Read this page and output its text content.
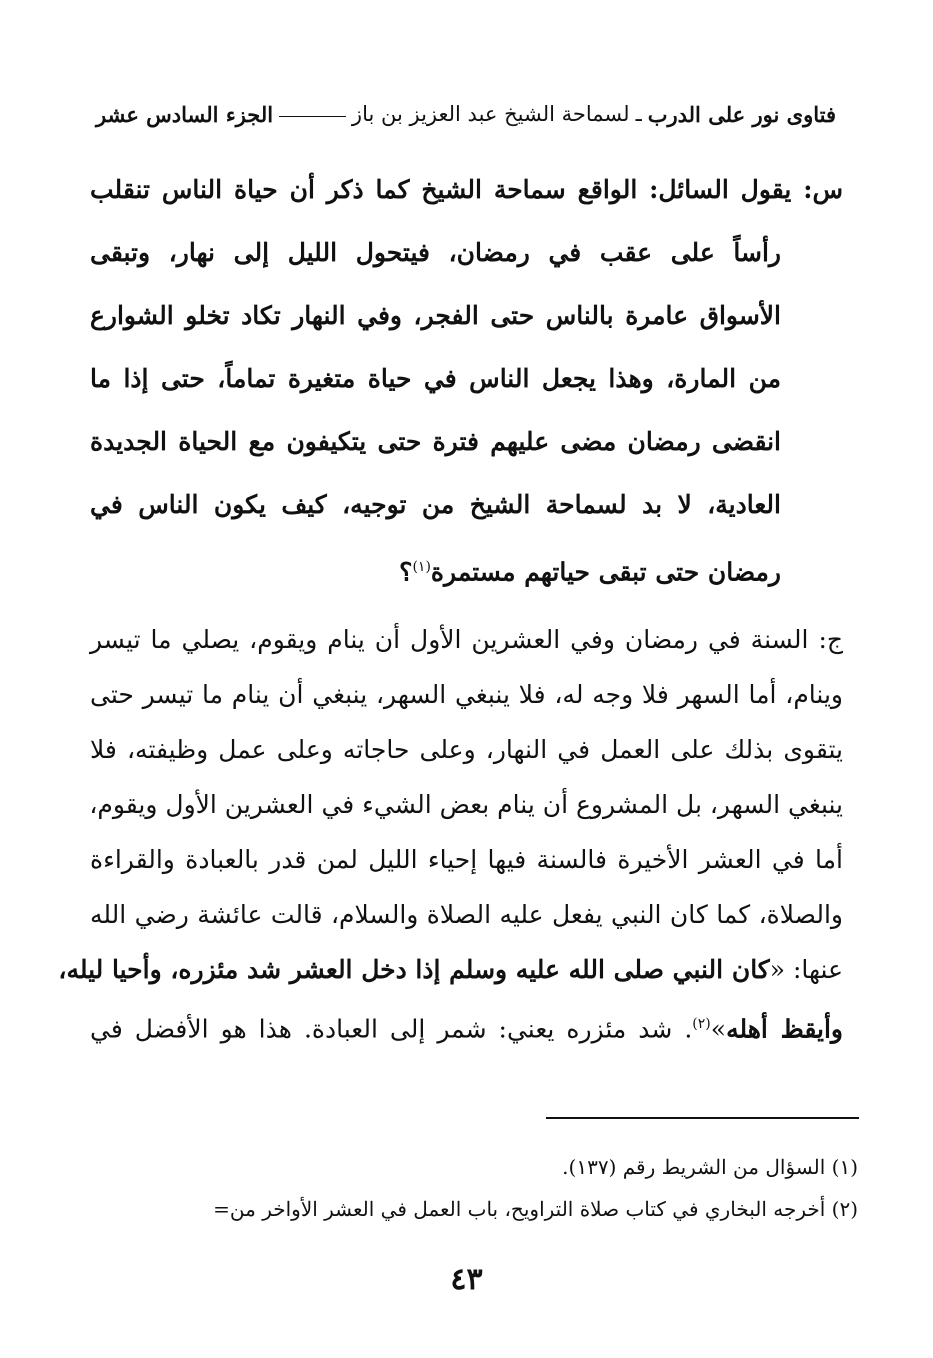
فتاوى نور على الدرب
ـ
لسماحة الشيخ عبد العزيز بن باز
الجزء السادس عشر
س: يقول السائل: الواقع سماحة الشيخ كما ذكر أن حياة الناس تنقلب
رأساً على عقب في رمضان، فيتحول الليل إلى نهار، وتبقى
الأسواق عامرة بالناس حتى الفجر، وفي النهار تكاد تخلو الشوارع
من المارة، وهذا يجعل الناس في حياة متغيرة تماماً، حتى إذا ما
انقضى رمضان مضى عليهم فترة حتى يتكيفون مع الحياة الجديدة
العادية، لا بد لسماحة الشيخ من توجيه، كيف يكون الناس في
رمضان حتى تبقى حياتهم مستمرة$^{(١)}$؟
ج: السنة في رمضان وفي العشرين الأول أن ينام ويقوم، يصلي ما تيسر
وينام، أما السهر فلا وجه له، فلا ينبغي السهر، ينبغي أن ينام ما تيسر حتى
يتقوى بذلك على العمل في النهار، وعلى حاجاته وعلى عمل وظيفته، فلا
ينبغي السهر، بل المشروع أن ينام بعض الشيء في العشرين الأول ويقوم،
أما في العشر الأخيرة فالسنة فيها إحياء الليل لمن قدر بالعبادة والقراءة
والصلاة، كما كان النبي يفعل عليه الصلاة والسلام، قالت عائشة رضي الله
عنها: «كان النبي صلى الله عليه وسلم إذا دخل العشر شد مئزره، وأحيا ليله،
وأيقظ أهله»$^{(٢)}$. شد مئزره يعني: شمر إلى العبادة. هذا هو الأفضل في
(١) السؤال من الشريط رقم (١٣٧).
(٢) أخرجه البخاري في كتاب صلاة التراويح، باب العمل في العشر الأواخر من=
٤٣
